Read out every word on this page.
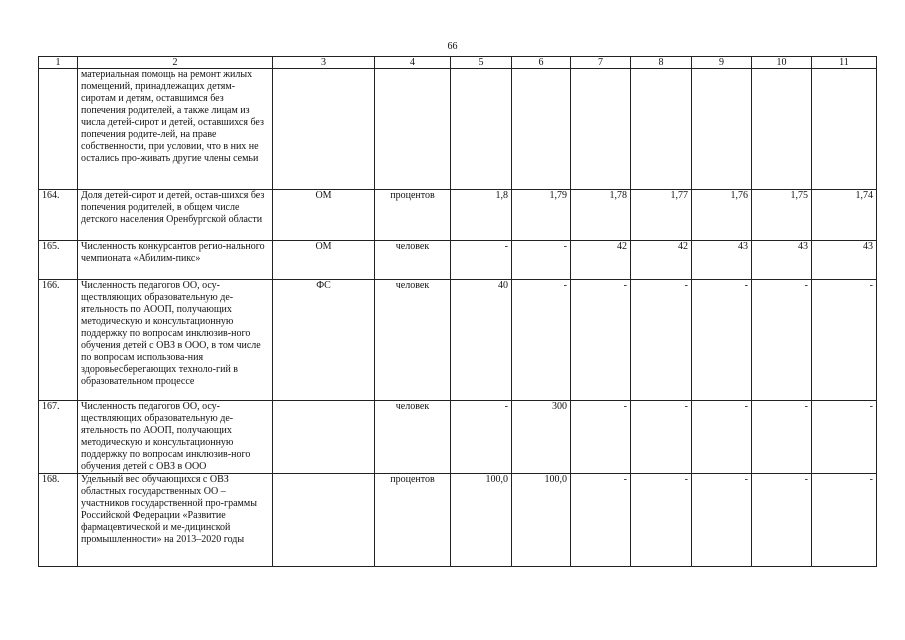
66
1	2	3	4	5	6	7	8	9	10	11
	материальная помощь на ремонт жилых помещений, принадлежащих детям-сиротам и детям, оставшимся без попечения родителей, а также лицам из числа детей-сирот и детей, оставшихся без попечения родите-лей, на праве собственности, при условии, что в них не остались про-живать другие члены семьи									
164.	Доля детей-сирот и детей, остав-шихся без попечения родителей, в общем числе детского населения Оренбургской области	ОМ	процентов	1,8	1,79	1,78	1,77	1,76	1,75	1,74
165.	Численность конкурсантов регио-нального чемпионата «Абилим-пикс»	ОМ	человек	-	-	42	42	43	43	43
166.	Численность педагогов ОО, осу-ществляющих образовательную де-ятельность по АООП, получающих методическую и консультационную поддержку по вопросам инклюзив-ного обучения детей с ОВЗ в ООО, в том числе по вопросам использова-ния здоровьесберегающих техноло-гий в образовательном процессе	ФС	человек	40	-	-	-	-	-	-
167.	Численность педагогов ОО, осу-ществляющих образовательную де-ятельность по АООП, получающих методическую и консультационную поддержку по вопросам инклюзив-ного обучения детей с ОВЗ в ООО		человек	-	300	-	-	-	-	-
168.	Удельный вес обучающихся с ОВЗ областных государственных ОО – участников государственной про-граммы Российской Федерации «Развитие фармацевтической и ме-дицинской промышленности» на 2013–2020 годы		процентов	100,0	100,0	-	-	-	-	-
